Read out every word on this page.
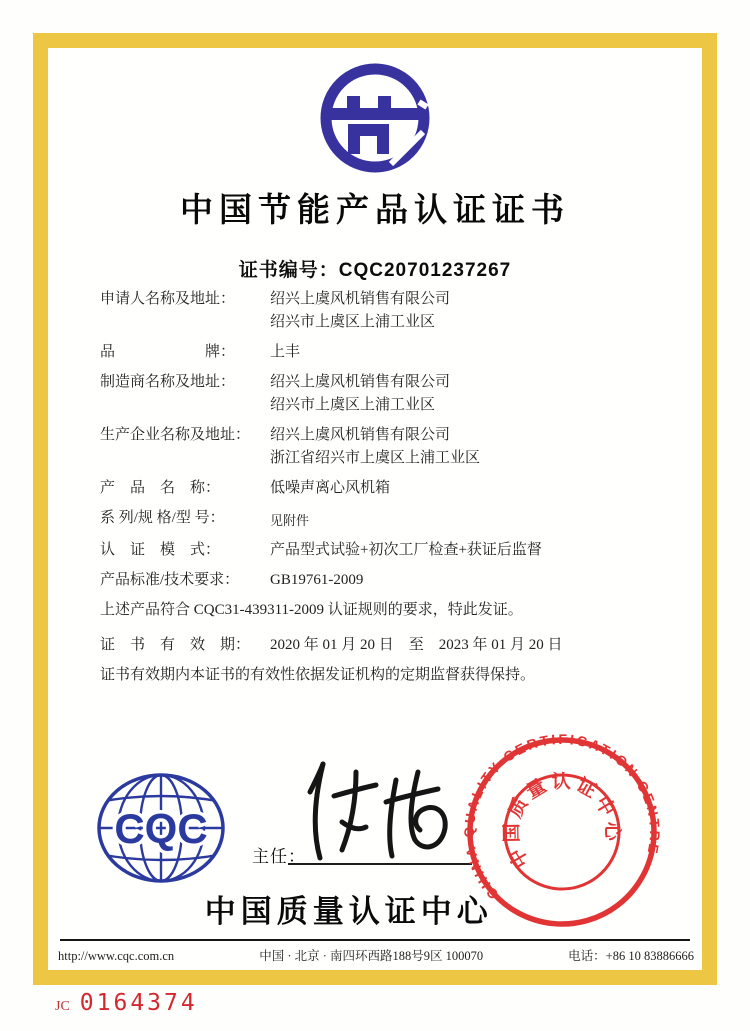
中国节能产品认证证书
证书编号：CQC20701237267
申请人名称及地址：	绍兴上虞风机销售有限公司
绍兴市上虞区上浦工业区
品　　　　　　牌：	上丰
制造商名称及地址：	绍兴上虞风机销售有限公司
绍兴市上虞区上浦工业区
生产企业名称及地址：	绍兴上虞风机销售有限公司
浙江省绍兴市上虞区上浦工业区
产　品　名　称：	低噪声离心风机箱
系 列/规 格/型 号：	见附件
认　证　模　式：	产品型式试验+初次工厂检查+获证后监督
产品标准/技术要求：	GB19761-2009

上述产品符合 CQC31-439311-2009 认证规则的要求，特此发证。

证　书　有　效　期：	2020 年 01 月 20 日　至　2023 年 01 月 20 日

证书有效期内本证书的有效性依据发证机构的定期监督获得保持。

CQC
主任：
CHINA QUALITY CERTIFICATION CENTRE
中国质量认证中心
中国质量认证中心
http://www.cqc.com.cn	中国 · 北京 · 南四环西路188号9区 100070	电话：+86 10 83886666
JC 0164374
